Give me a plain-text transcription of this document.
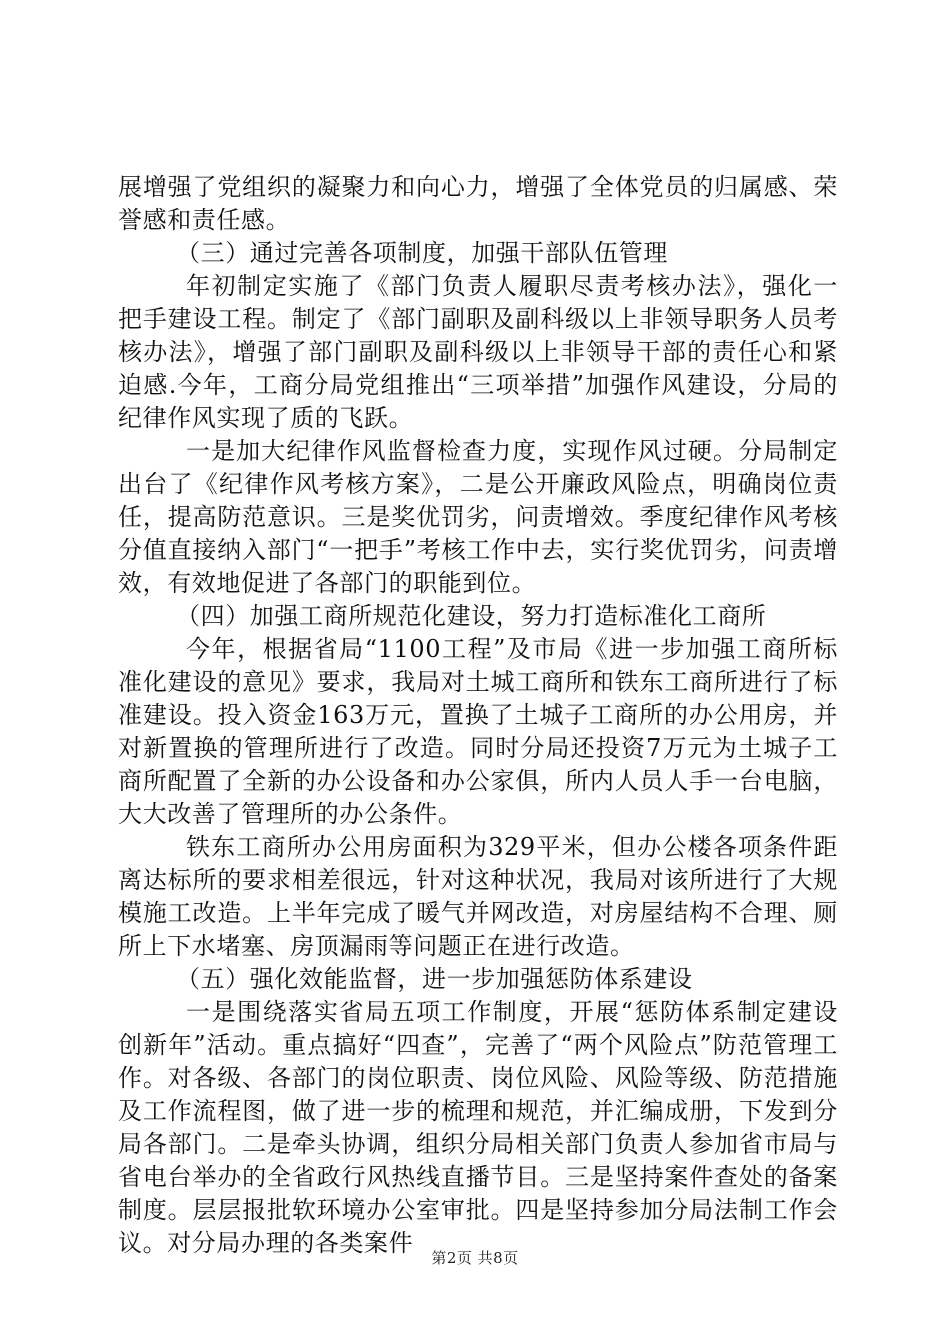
展增强了党组织的凝聚力和向心力，增强了全体党员的归属感、荣誉感和责任感。

（三）通过完善各项制度，加强干部队伍管理

年初制定实施了《部门负责人履职尽责考核办法》，强化一把手建设工程。制定了《部门副职及副科级以上非领导职务人员考核办法》，增强了部门副职及副科级以上非领导干部的责任心和紧迫感.今年，工商分局党组推出“三项举措”加强作风建设，分局的纪律作风实现了质的飞跃。

一是加大纪律作风监督检查力度，实现作风过硬。分局制定出台了《纪律作风考核方案》，二是公开廉政风险点，明确岗位责任，提高防范意识。三是奖优罚劣，问责增效。季度纪律作风考核分值直接纳入部门“一把手”考核工作中去，实行奖优罚劣，问责增效，有效地促进了各部门的职能到位。

（四）加强工商所规范化建设，努力打造标准化工商所

今年，根据省局“1100工程”及市局《进一步加强工商所标准化建设的意见》要求，我局对土城工商所和铁东工商所进行了标准建设。投入资金163万元，置换了土城子工商所的办公用房，并对新置换的管理所进行了改造。同时分局还投资7万元为土城子工商所配置了全新的办公设备和办公家俱，所内人员人手一台电脑，大大改善了管理所的办公条件。

铁东工商所办公用房面积为329平米，但办公楼各项条件距离达标所的要求相差很远，针对这种状况，我局对该所进行了大规模施工改造。上半年完成了暖气并网改造，对房屋结构不合理、厕所上下水堵塞、房顶漏雨等问题正在进行改造。

（五）强化效能监督，进一步加强惩防体系建设

一是围绕落实省局五项工作制度，开展“惩防体系制定建设创新年”活动。重点搞好“四查”，完善了“两个风险点”防范管理工作。对各级、各部门的岗位职责、岗位风险、风险等级、防范措施及工作流程图，做了进一步的梳理和规范，并汇编成册，下发到分局各部门。二是牵头协调，组织分局相关部门负责人参加省市局与省电台举办的全省政行风热线直播节目。三是坚持案件查处的备案制度。层层报批软环境办公室审批。四是坚持参加分局法制工作会议。对分局办理的各类案件

第2页 共8页
